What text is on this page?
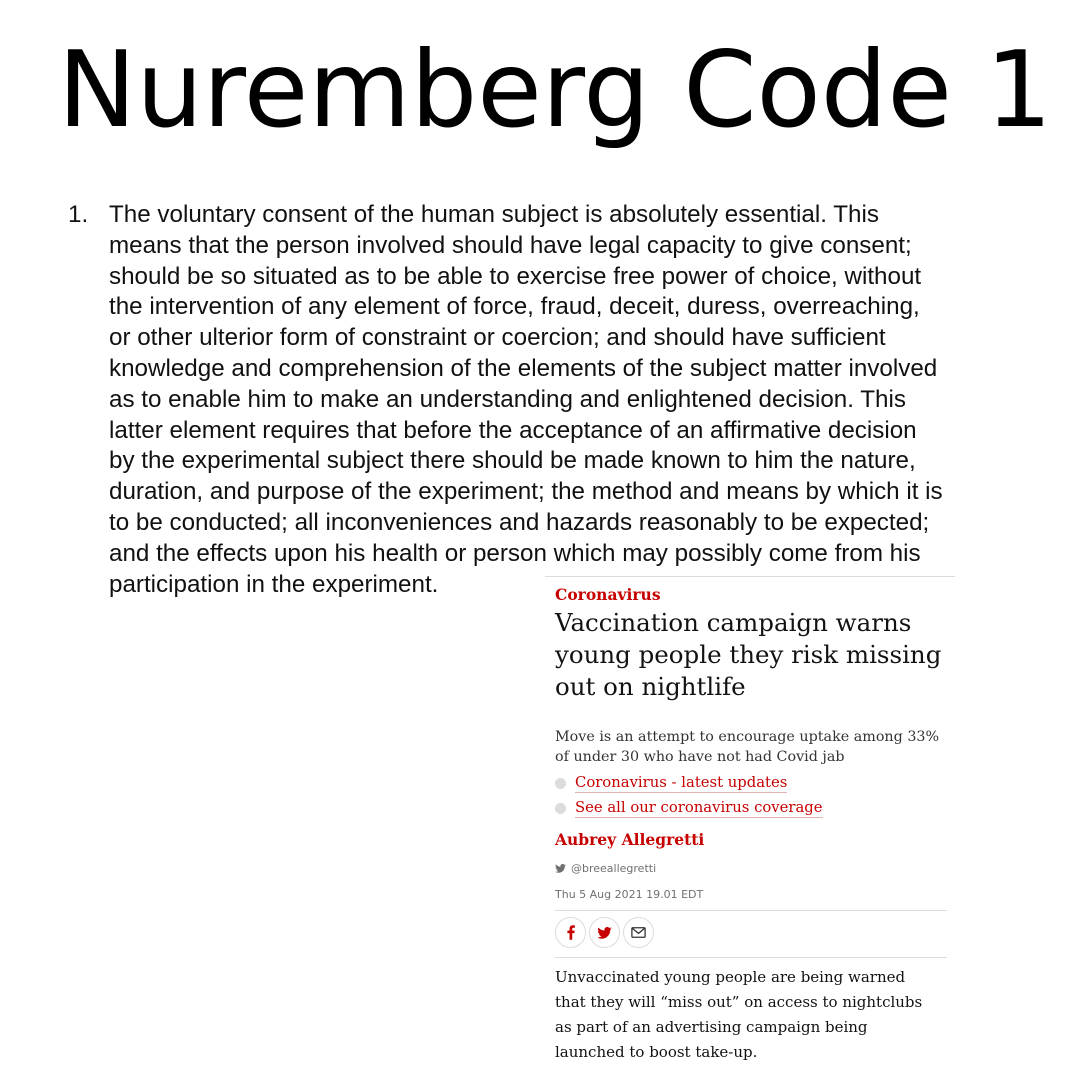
Nuremberg Code 1
1. The voluntary consent of the human subject is absolutely essential. This
means that the person involved should have legal capacity to give consent;
should be so situated as to be able to exercise free power of choice, without
the intervention of any element of force, fraud, deceit, duress, overreaching,
or other ulterior form of constraint or coercion; and should have sufficient
knowledge and comprehension of the elements of the subject matter involved
as to enable him to make an understanding and enlightened decision. This
latter element requires that before the acceptance of an affirmative decision
by the experimental subject there should be made known to him the nature,
duration, and purpose of the experiment; the method and means by which it is
to be conducted; all inconveniences and hazards reasonably to be expected;
and the effects upon his health or person which may possibly come from his
participation in the experiment.	Coronavirus
Vaccination campaign warns
young people they risk missing
out on nightlife

Move is an attempt to encourage uptake among 33%
of under 30 who have not had Covid jab

Coronavirus - latest updates
See all our coronavirus coverage
Aubrey Allegretti
@breeallegretti
Thu 5 Aug 2021 19.01 EDT

Unvaccinated young people are being warned
that they will “miss out” on access to nightclubs
as part of an advertising campaign being
launched to boost take-up.
